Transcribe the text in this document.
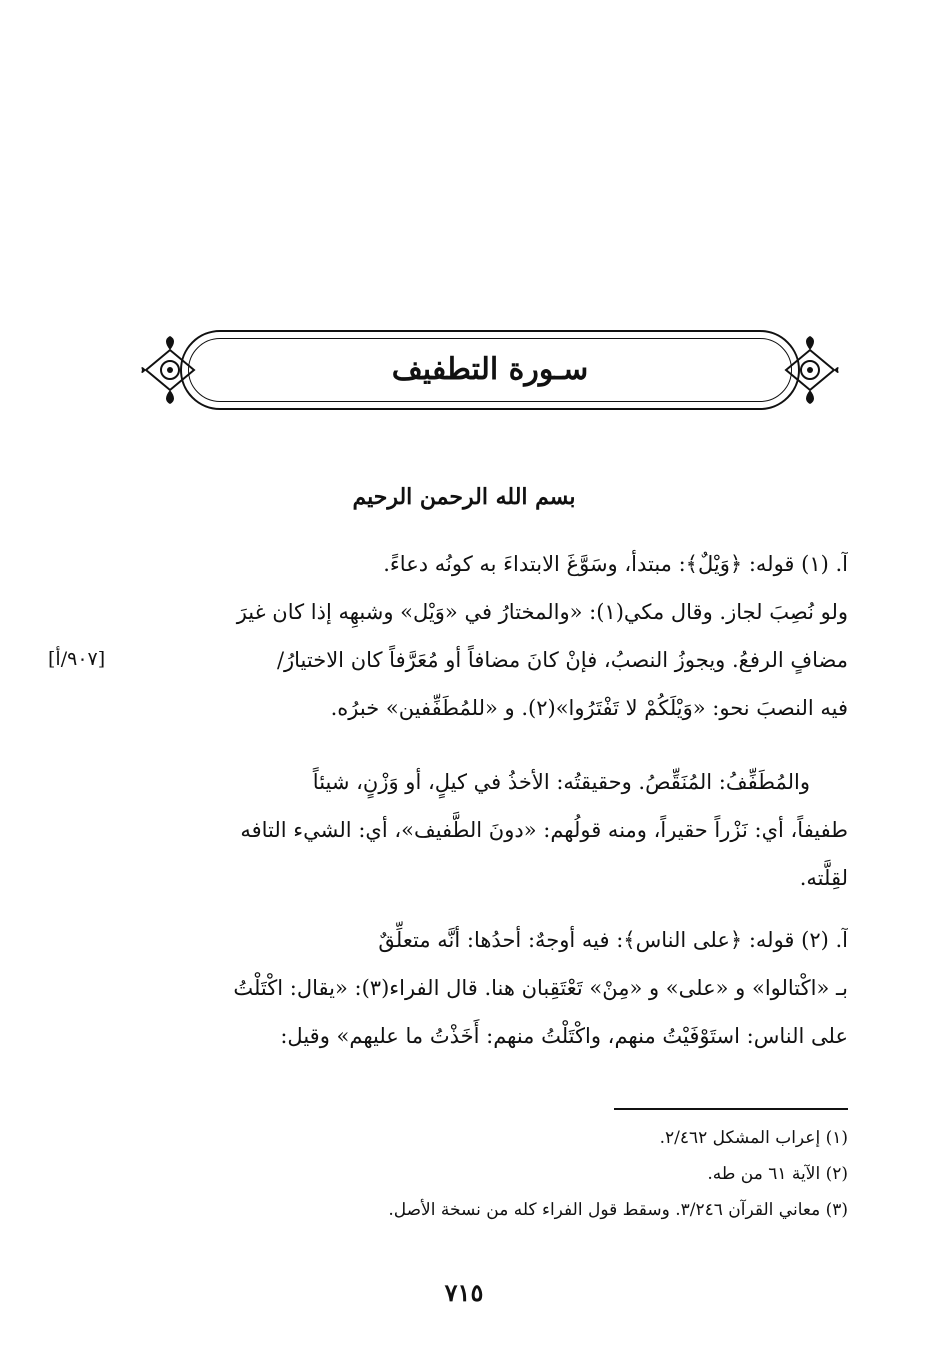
سـورة التطفيف
بسم الله الرحمن الرحيم
آ. (١) قوله: ﴿وَيْلٌ﴾: مبتدأ، وسَوَّغَ الابتداءَ به كونُه دعاءً.
ولو نُصِبَ لجاز. وقال مكي(١): «والمختارُ في «وَيْل» وشبهِه إذا كان غيرَ
مضافٍ الرفعُ. ويجوزُ النصبُ، فإنْ كانَ مضافاً أو مُعَرَّفاً كان الاختيارُ/
فيه النصبَ نحو: «وَيْلَكُمْ لا تَفْتَرُوا»(٢). و «للمُطَفِّفين» خبرُه.
[٩٠٧/أ]
والمُطَفِّفُ: المُنَقِّصُ. وحقيقتُه: الأخذُ في كيلٍ، أو وَزْنٍ، شيئاً
طفيفاً، أي: نَزْراً حقيراً، ومنه قولُهم: «دونَ الطَّفيف»، أي: الشيء التافه
لقِلَّته.
آ. (٢) قوله: ﴿على الناس﴾: فيه أوجهٌ: أحدُها: أنَّه متعلِّقٌ
بـ «اكْتالوا» و «على» و «مِنْ» تَعْتَقِبان هنا. قال الفراء(٣): «يقال: اكْتَلْتُ
على الناس: استَوْفَيْتُ منهم، واكْتَلْتُ منهم: أَخَذْتُ ما عليهم» وقيل:
(١) إعراب المشكل ٢/٤٦٢.
(٢) الآية ٦١ من طه.
(٣) معاني القرآن ٣/٢٤٦. وسقط قول الفراء كله من نسخة الأصل.
٧١٥
